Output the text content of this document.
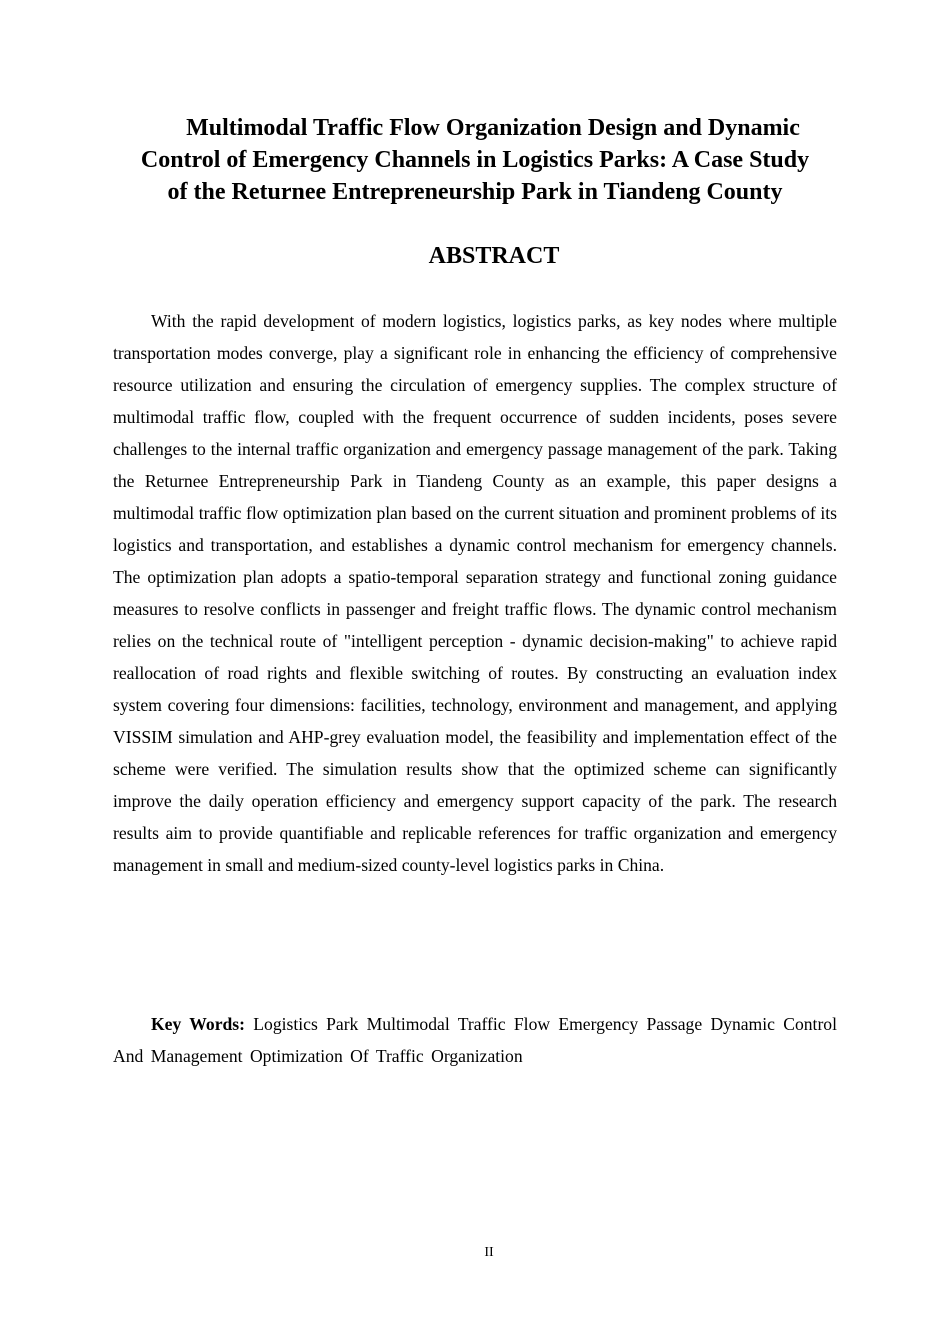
Multimodal Traffic Flow Organization Design and Dynamic
Control of Emergency Channels in Logistics Parks: A Case Study
of the Returnee Entrepreneurship Park in Tiandeng County
ABSTRACT

With the rapid development of modern logistics, logistics parks, as key nodes where multiple transportation modes converge, play a significant role in enhancing the efficiency of comprehensive resource utilization and ensuring the circulation of emergency supplies. The complex structure of multimodal traffic flow, coupled with the frequent occurrence of sudden incidents, poses severe challenges to the internal traffic organization and emergency passage management of the park. Taking the Returnee Entrepreneurship Park in Tiandeng County as an example, this paper designs a multimodal traffic flow optimization plan based on the current situation and prominent problems of its logistics and transportation, and establishes a dynamic control mechanism for emergency channels. The optimization plan adopts a spatio-temporal separation strategy and functional zoning guidance measures to resolve conflicts in passenger and freight traffic flows. The dynamic control mechanism relies on the technical route of "intelligent perception - dynamic decision-making" to achieve rapid reallocation of road rights and flexible switching of routes. By constructing an evaluation index system covering four dimensions: facilities, technology, environment and management, and applying VISSIM simulation and AHP-grey evaluation model, the feasibility and implementation effect of the scheme were verified. The simulation results show that the optimized scheme can significantly improve the daily operation efficiency and emergency support capacity of the park. The research results aim to provide quantifiable and replicable references for traffic organization and emergency management in small and medium-sized county-level logistics parks in China.

Key Words: Logistics Park Multimodal Traffic Flow Emergency Passage Dynamic Control And Management Optimization Of Traffic Organization

II
